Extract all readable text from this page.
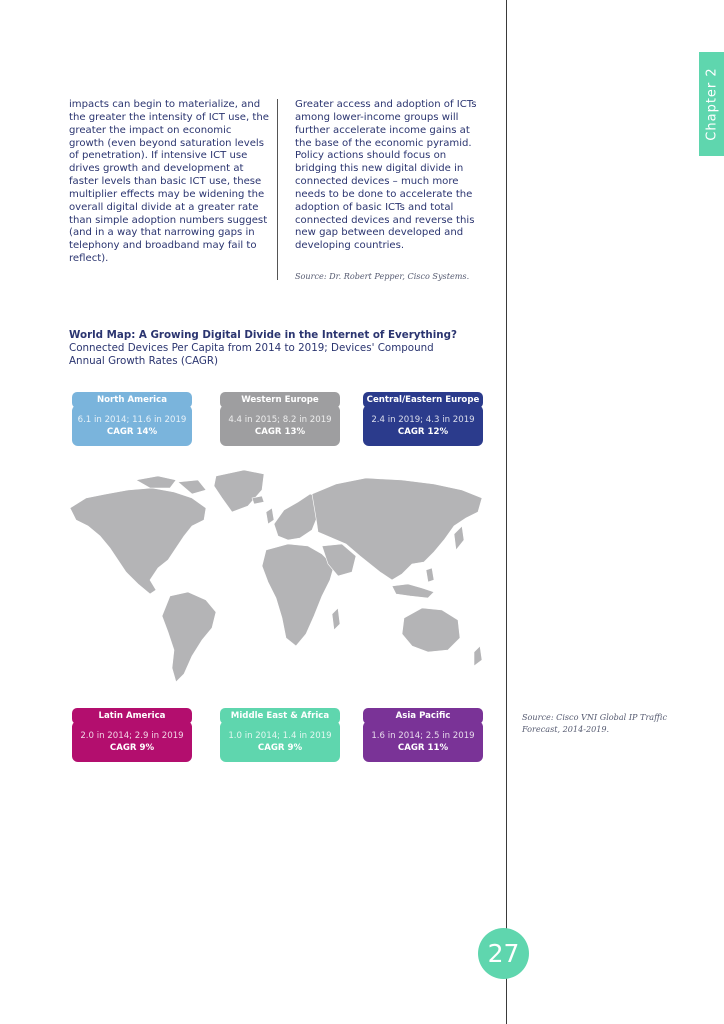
Chapter 2
impacts can begin to materialize, and the greater the intensity of ICT use, the greater the impact on economic growth (even beyond saturation levels of penetration). If intensive ICT use drives growth and development at faster levels than basic ICT use, these multiplier effects may be widening the overall digital divide at a greater rate than simple adoption numbers suggest (and in a way that narrowing gaps in telephony and broadband may fail to reflect).
Greater access and adoption of ICTs among lower-income groups will further accelerate income gains at the base of the economic pyramid. Policy actions should focus on bridging this new digital divide in connected devices – much more needs to be done to accelerate the adoption of basic ICTs and total connected devices and reverse this new gap between developed and developing countries.
Source: Dr. Robert Pepper, Cisco Systems.
World Map: A Growing Digital Divide in the Internet of Everything?
Connected Devices Per Capita from 2014 to 2019; Devices' Compound Annual Growth Rates (CAGR)
North America
6.1 in 2014; 11.6 in 2019
CAGR 14%
Western Europe
4.4 in 2015; 8.2 in 2019
CAGR 13%
Central/Eastern Europe
2.4 in 2019; 4.3 in 2019
CAGR 12%
Latin America
2.0 in 2014; 2.9 in 2019
CAGR 9%
Middle East & Africa
1.0 in 2014; 1.4 in 2019
CAGR 9%
Asia Pacific
1.6 in 2014; 2.5 in 2019
CAGR 11%
Source: Cisco VNI Global IP Traffic Forecast, 2014-2019.
27
